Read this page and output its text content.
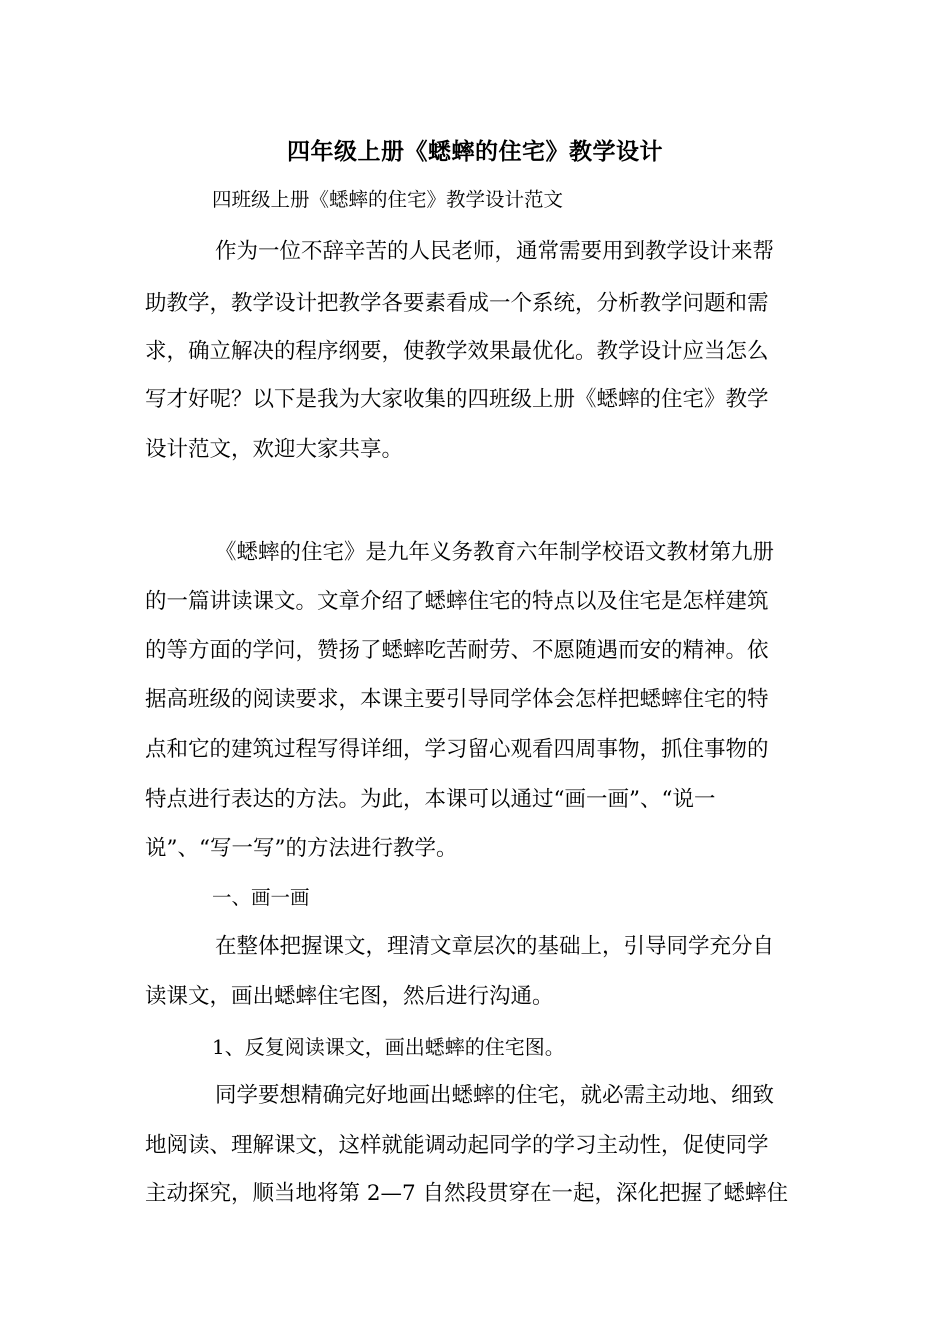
四年级上册《蟋蟀的住宅》教学设计
四班级上册《蟋蟀的住宅》教学设计范文
作为一位不辞辛苦的人民老师，通常需要用到教学设计来帮
助教学，教学设计把教学各要素看成一个系统，分析教学问题和需
求，确立解决的程序纲要，使教学效果最优化。教学设计应当怎么
写才好呢？以下是我为大家收集的四班级上册《蟋蟀的住宅》教学
设计范文，欢迎大家共享。
《蟋蟀的住宅》是九年义务教育六年制学校语文教材第九册
的一篇讲读课文。文章介绍了蟋蟀住宅的特点以及住宅是怎样建筑
的等方面的学问，赞扬了蟋蟀吃苦耐劳、不愿随遇而安的精神。依
据高班级的阅读要求，本课主要引导同学体会怎样把蟋蟀住宅的特
点和它的建筑过程写得详细，学习留心观看四周事物，抓住事物的
特点进行表达的方法。为此，本课可以通过“画一画”、“说一
说”、“写一写”的方法进行教学。
一、画一画
在整体把握课文，理清文章层次的基础上，引导同学充分自
读课文，画出蟋蟀住宅图，然后进行沟通。
1、反复阅读课文，画出蟋蟀的住宅图。
同学要想精确完好地画出蟋蟀的住宅，就必需主动地、细致
地阅读、理解课文，这样就能调动起同学的学习主动性，促使同学
主动探究，顺当地将第 2—7 自然段贯穿在一起，深化把握了蟋蟀住
